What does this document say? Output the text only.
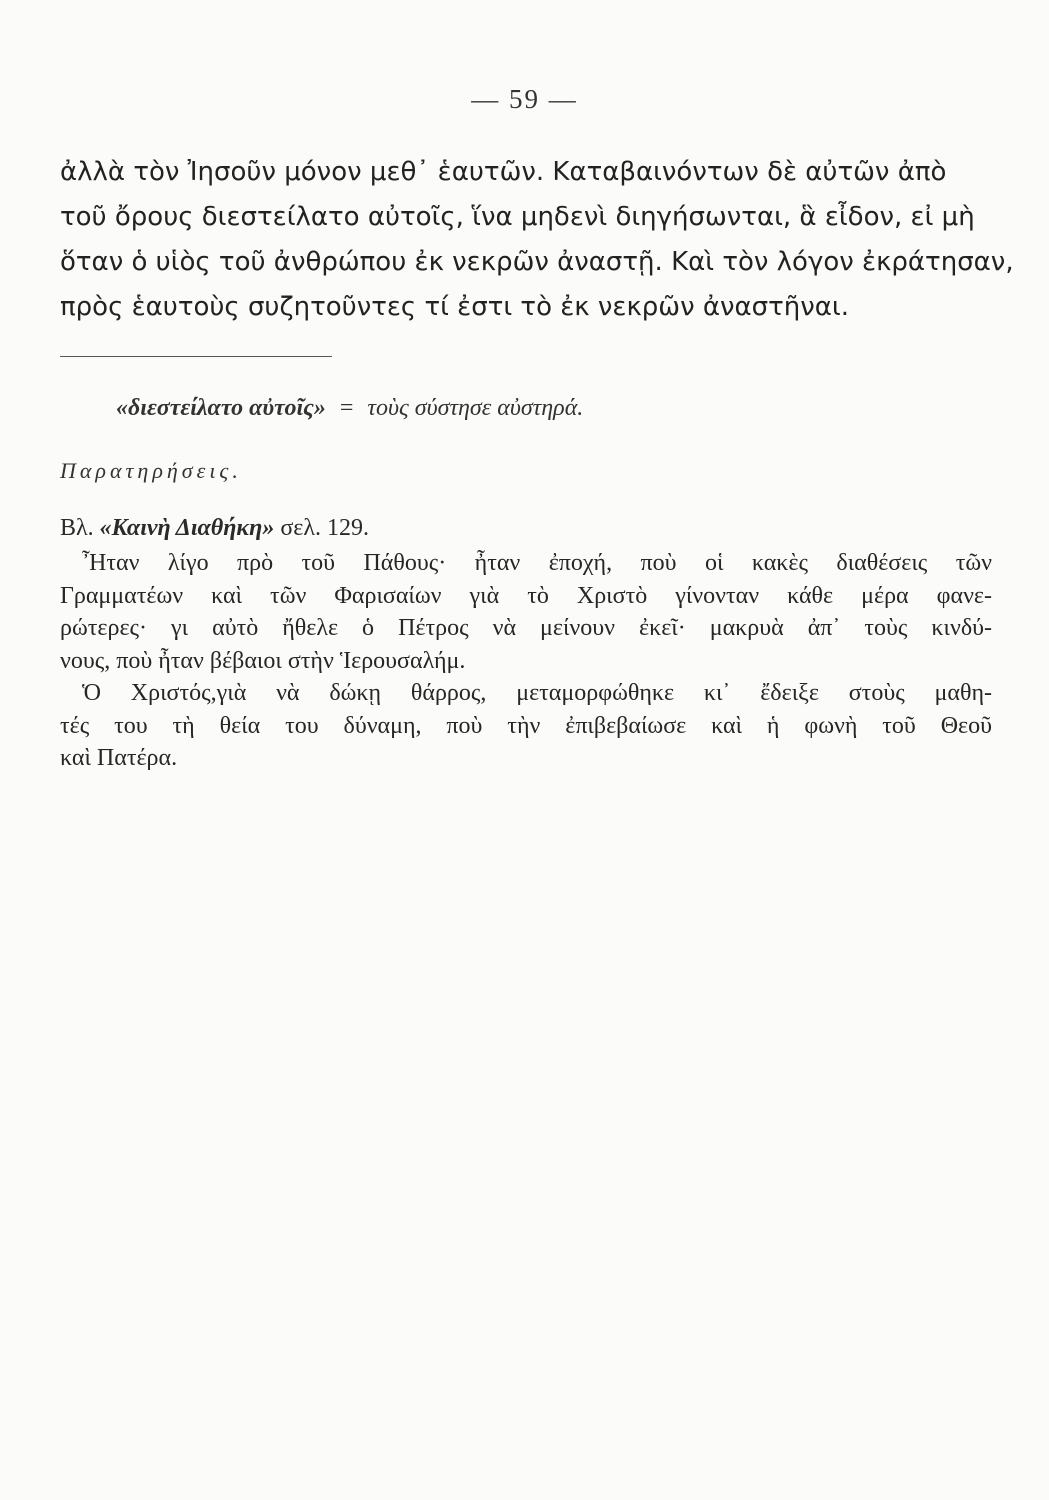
— 59 —
ἀλλὰ τὸν Ἰησοῦν μόνον μεθ᾽ ἑαυτῶν. Καταβαινόντων δὲ αὐτῶν ἀπὸ
τοῦ ὄρους διεστείλατο αὐτοῖς, ἵνα μηδενὶ διηγήσωνται, ἃ εἶδον, εἰ μὴ
ὅταν ὁ υἱὸς τοῦ ἀνθρώπου ἐκ νεκρῶν ἀναστῇ. Καὶ τὸν λόγον ἐκράτησαν,
πρὸς ἑαυτοὺς συζητοῦντες τί ἐστι τὸ ἐκ νεκρῶν ἀναστῆναι.
«διεστείλατο αὐτοῖς» = τοὺς σύστησε αὐστηρά.
Παρατηρήσεις.
Βλ. «Καινὴ Διαθήκη» σελ. 129.
Ἦταν λίγο πρὸ τοῦ Πάθους· ἦταν ἐποχή, ποὺ οἱ κακὲς διαθέσεις τῶν
Γραμματέων καὶ τῶν Φαρισαίων γιὰ τὸ Χριστὸ γίνονταν κάθε μέρα φανε-
ρώτερες· γι αὐτὸ ἤθελε ὁ Πέτρος νὰ μείνουν ἐκεῖ· μακρυὰ ἀπ᾽ τοὺς κινδύ-
νους, ποὺ ἦταν βέβαιοι στὴν Ἱερουσαλήμ.
Ὁ Χριστός,γιὰ νὰ δώκῃ θάρρος, μεταμορφώθηκε κι᾽ ἔδειξε στοὺς μαθη-
τές του τὴ θεία του δύναμη, ποὺ τὴν ἐπιβεβαίωσε καὶ ἡ φωνὴ τοῦ Θεοῦ
καὶ Πατέρα.
